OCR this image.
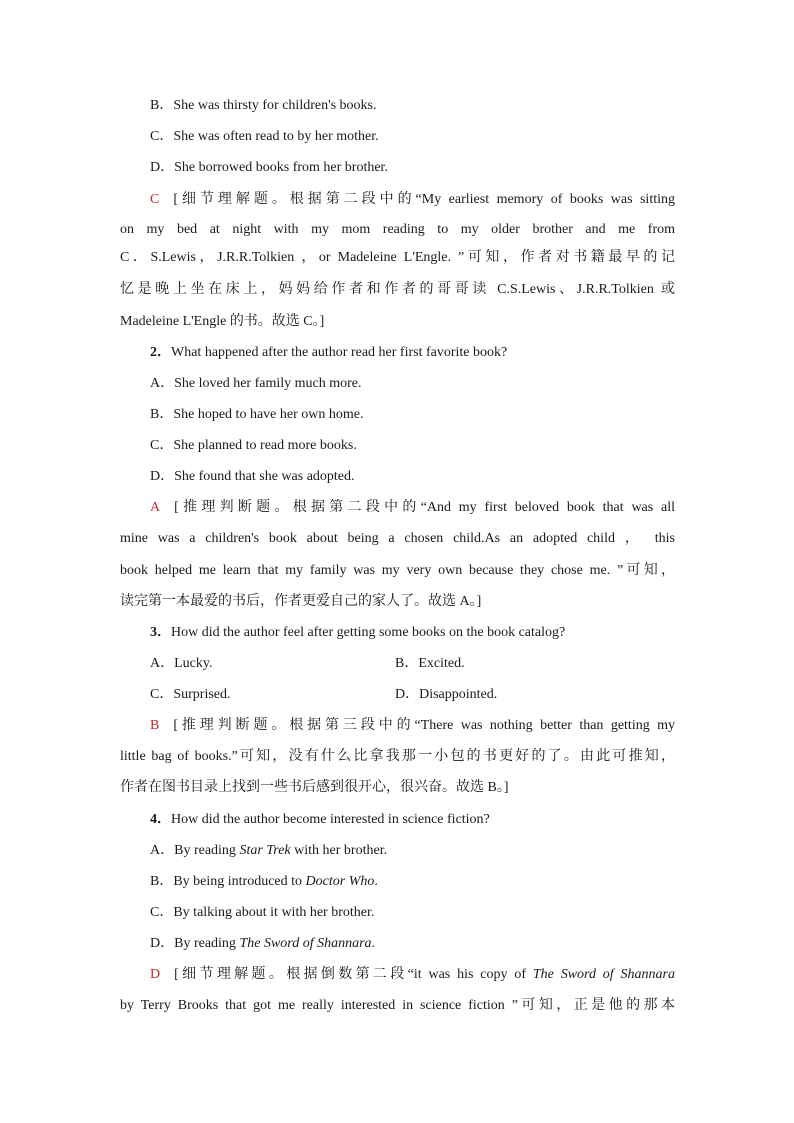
B．She was thirsty for children's books.
C．She was often read to by her mother.
D．She borrowed books from her brother.
C [细节理解题。根据第二段中的“My earliest memory of books was sitting
on my bed at night with my mom reading to my older brother and me from
C．S.Lewis，J.R.R.Tolkien ，or Madeleine L'Engle. ”可知，作者对书籍最早的记
忆是晚上坐在床上，妈妈给作者和作者的哥哥读 C.S.Lewis、J.R.R.Tolkien 或
Madeleine L'Engle 的书。故选 C。]
2．What happened after the author read her first favorite book?
A．She loved her family much more.
B．She hoped to have her own home.
C．She planned to read more books.
D．She found that she was adopted.
A [推理判断题。根据第二段中的“And my first beloved book that was all
mine was a children's book about being a chosen child.As an adopted child ， this
book helped me learn that my family was my very own because they chose me. ”可知，
读完第一本最爱的书后，作者更爱自己的家人了。故选 A。]
3．How did the author feel after getting some books on the book catalog?
A．Lucky.	B．Excited.
C．Surprised.	D．Disappointed.
B [推理判断题。根据第三段中的“There was nothing better than getting my
little bag of books.”可知，没有什么比拿我那一小包的书更好的了。由此可推知，
作者在图书目录上找到一些书后感到很开心，很兴奋。故选 B。]
4．How did the author become interested in science fiction?
A．By reading Star Trek with her brother.
B．By being introduced to Doctor Who.
C．By talking about it with her brother.
D．By reading The Sword of Shannara.
D [细节理解题。根据倒数第二段“it was his copy of The Sword of Shannara
by Terry Brooks that got me really interested in science fiction ”可知，正是他的那本
